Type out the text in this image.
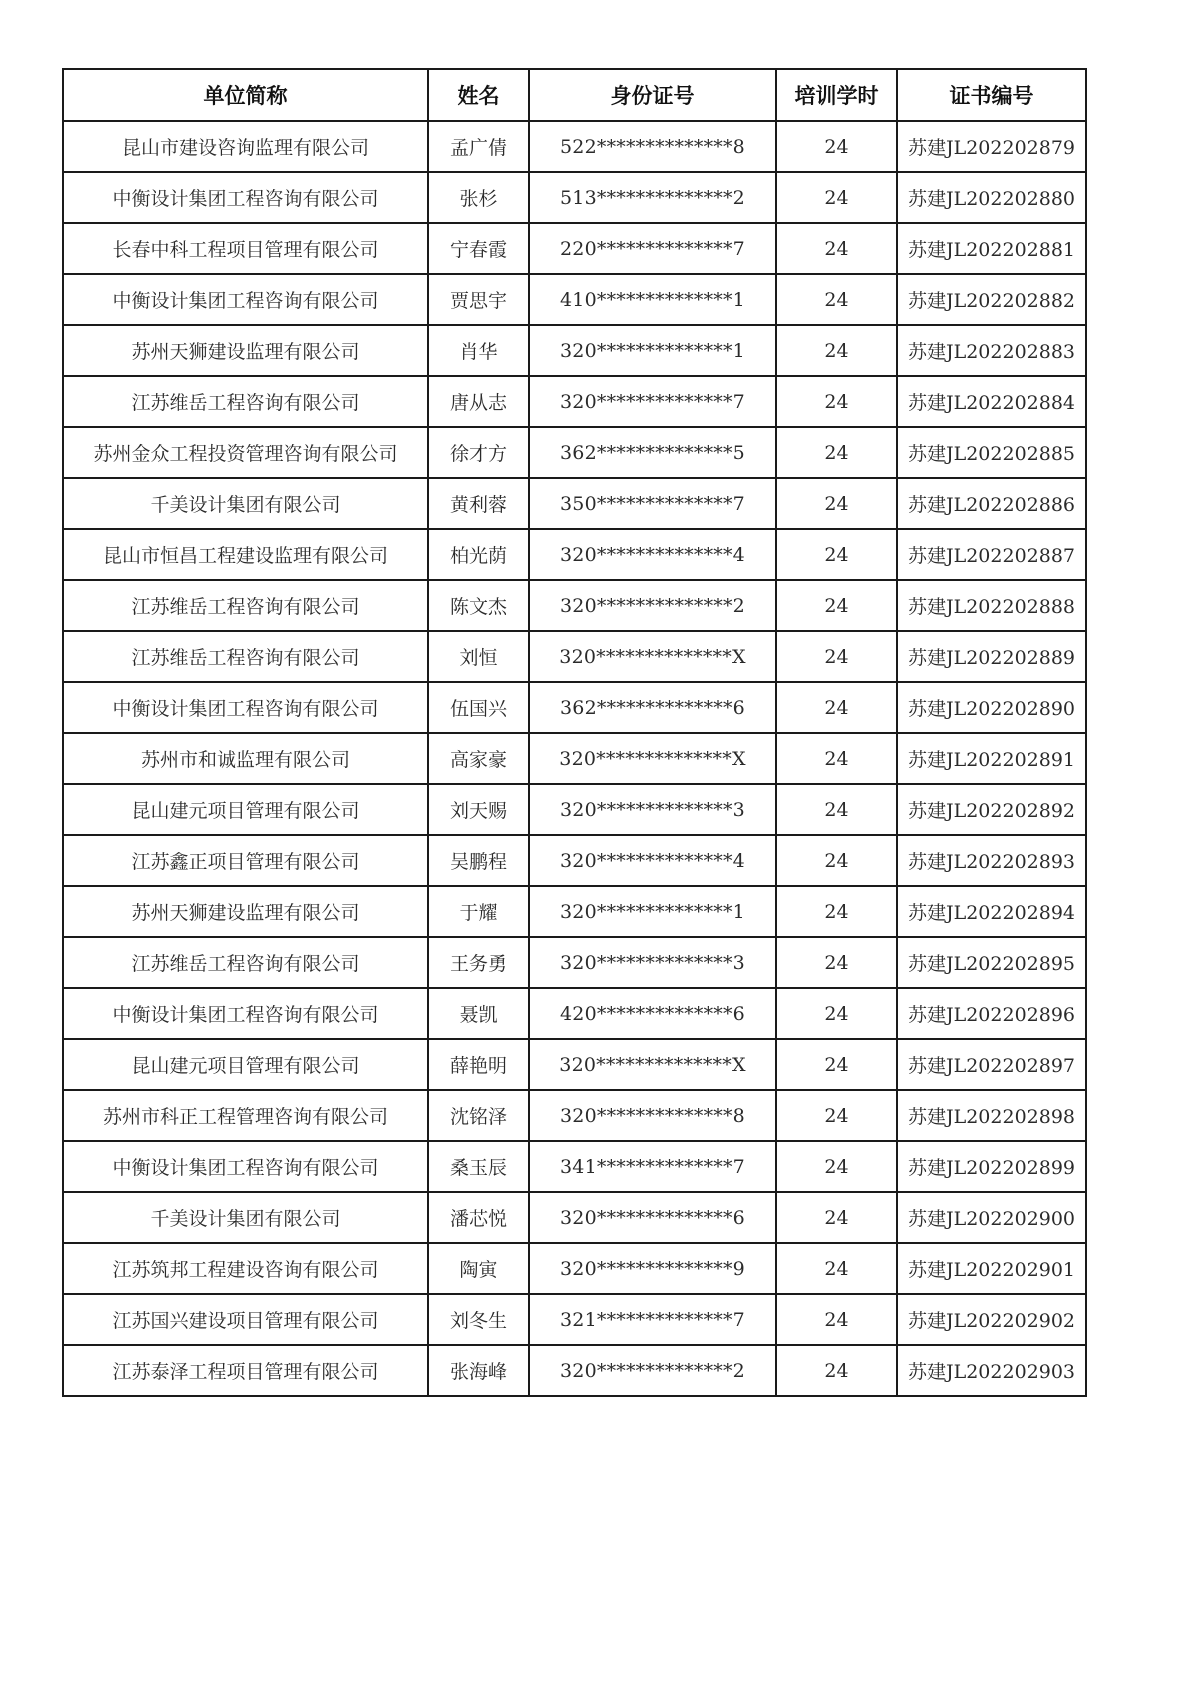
单位简称	姓名	身份证号	培训学时	证书编号
昆山市建设咨询监理有限公司	孟广倩	522**************8	24	苏建JL202202879
中衡设计集团工程咨询有限公司	张杉	513**************2	24	苏建JL202202880
长春中科工程项目管理有限公司	宁春霞	220**************7	24	苏建JL202202881
中衡设计集团工程咨询有限公司	贾思宇	410**************1	24	苏建JL202202882
苏州天狮建设监理有限公司	肖华	320**************1	24	苏建JL202202883
江苏维岳工程咨询有限公司	唐从志	320**************7	24	苏建JL202202884
苏州金众工程投资管理咨询有限公司	徐才方	362**************5	24	苏建JL202202885
千美设计集团有限公司	黄利蓉	350**************7	24	苏建JL202202886
昆山市恒昌工程建设监理有限公司	柏光荫	320**************4	24	苏建JL202202887
江苏维岳工程咨询有限公司	陈文杰	320**************2	24	苏建JL202202888
江苏维岳工程咨询有限公司	刘恒	320**************X	24	苏建JL202202889
中衡设计集团工程咨询有限公司	伍国兴	362**************6	24	苏建JL202202890
苏州市和诚监理有限公司	高家豪	320**************X	24	苏建JL202202891
昆山建元项目管理有限公司	刘天赐	320**************3	24	苏建JL202202892
江苏鑫正项目管理有限公司	吴鹏程	320**************4	24	苏建JL202202893
苏州天狮建设监理有限公司	于耀	320**************1	24	苏建JL202202894
江苏维岳工程咨询有限公司	王务勇	320**************3	24	苏建JL202202895
中衡设计集团工程咨询有限公司	聂凯	420**************6	24	苏建JL202202896
昆山建元项目管理有限公司	薛艳明	320**************X	24	苏建JL202202897
苏州市科正工程管理咨询有限公司	沈铭泽	320**************8	24	苏建JL202202898
中衡设计集团工程咨询有限公司	桑玉辰	341**************7	24	苏建JL202202899
千美设计集团有限公司	潘芯悦	320**************6	24	苏建JL202202900
江苏筑邦工程建设咨询有限公司	陶寅	320**************9	24	苏建JL202202901
江苏国兴建设项目管理有限公司	刘冬生	321**************7	24	苏建JL202202902
江苏泰泽工程项目管理有限公司	张海峰	320**************2	24	苏建JL202202903
